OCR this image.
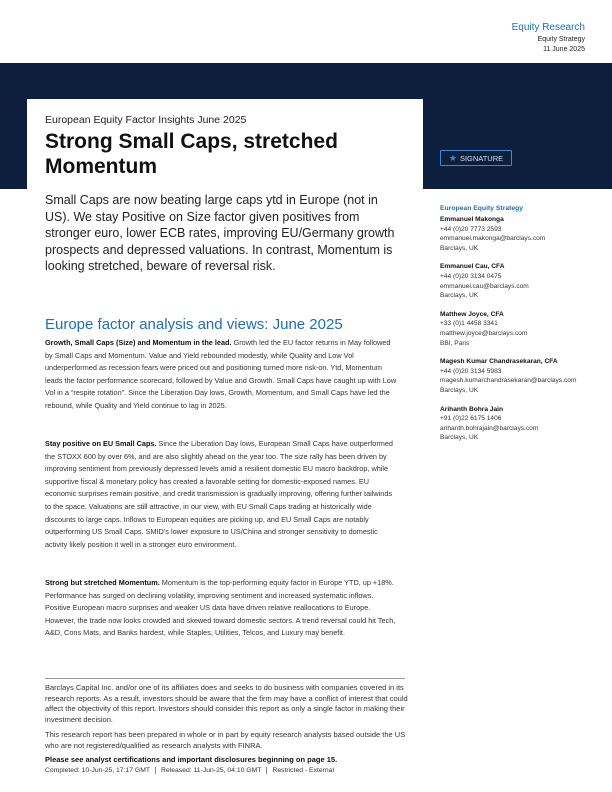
Equity Research
Equity Strategy
11 June 2025
European Equity Factor Insights June 2025
Strong Small Caps, stretched Momentum	★ SIGNATURE

Small Caps are now beating large caps ytd in Europe (not in US). We stay Positive on Size factor given positives from stronger euro, lower ECB rates, improving EU/Germany growth prospects and depressed valuations. In contrast, Momentum is looking stretched, beware of reversal risk.

Europe factor analysis and views: June 2025

Growth, Small Caps (Size) and Momentum in the lead. Growth led the EU factor returns in May followed by Small Caps and Momentum. Value and Yield rebounded modestly, while Quality and Low Vol underperformed as recession fears were priced out and positioning turned more risk-on. Ytd, Momentum leads the factor performance scorecard, followed by Value and Growth. Small Caps have caught up with Low Vol in a “respite rotation”. Since the Liberation Day lows, Growth, Momentum, and Small Caps have led the rebound, while Quality and Yield continue to lag in 2025.

Stay positive on EU Small Caps. Since the Liberation Day lows, European Small Caps have outperformed the STOXX 600 by over 6%, and are also slightly ahead on the year too. The size rally has been driven by improving sentiment from previously depressed levels amid a resilient domestic EU macro backdrop, while supportive fiscal & monetary policy has created a favorable setting for domestic-exposed names. EU economic surprises remain positive, and credit transmission is gradually improving, offering further tailwinds to the space. Valuations are still attractive, in our view, with EU Small Caps trading at historically wide discounts to large caps. Inflows to European equities are picking up, and EU Small Caps are notably outperforming US Small Caps. SMID’s lower exposure to US/China and stronger sensitivity to domestic activity likely position it well in a stronger euro environment.

Strong but stretched Momentum. Momentum is the top-performing equity factor in Europe YTD, up +18%. Performance has surged on declining volatility, improving sentiment and increased systematic inflows. Positive European macro surprises and weaker US data have driven relative reallocations to Europe. However, the trade now looks crowded and skewed toward domestic sectors. A trend reversal could hit Tech, A&D, Cons Mats, and Banks hardest, while Staples, Utilities, Telcos, and Luxury may benefit.

European Equity Strategy
Emmanuel Makonga
+44 (0)20 7773 2593
emmanuel.makonga@barclays.com
Barclays, UK
Emmanuel Cau, CFA
+44 (0)20 3134 0475
emmanuel.cau@barclays.com
Barclays, UK
Matthew Joyce, CFA
+33 (0)1 4458 3341
matthew.joyce@barclays.com
BBI, Paris
Magesh Kumar Chandrasekaran, CFA
+44 (0)20 3134 5983
magesh.kumarchandrasekaran@barclays.com
Barclays, UK
Arihanth Bohra Jain
+91 (0)22 6175 1406
arihanth.bohrajain@barclays.com
Barclays, UK

Barclays Capital Inc. and/or one of its affiliates does and seeks to do business with companies covered in its research reports. As a result, investors should be aware that the firm may have a conflict of interest that could affect the objectivity of this report. Investors should consider this report as only a single factor in making their investment decision.

This research report has been prepared in whole or in part by equity research analysts based outside the US who are not registered/qualified as research analysts with FINRA.

Please see analyst certifications and important disclosures beginning on page 15.

Completed: 10-Jun-25, 17:17 GMT	Released: 11-Jun-25, 04:10 GMT	Restricted - External
